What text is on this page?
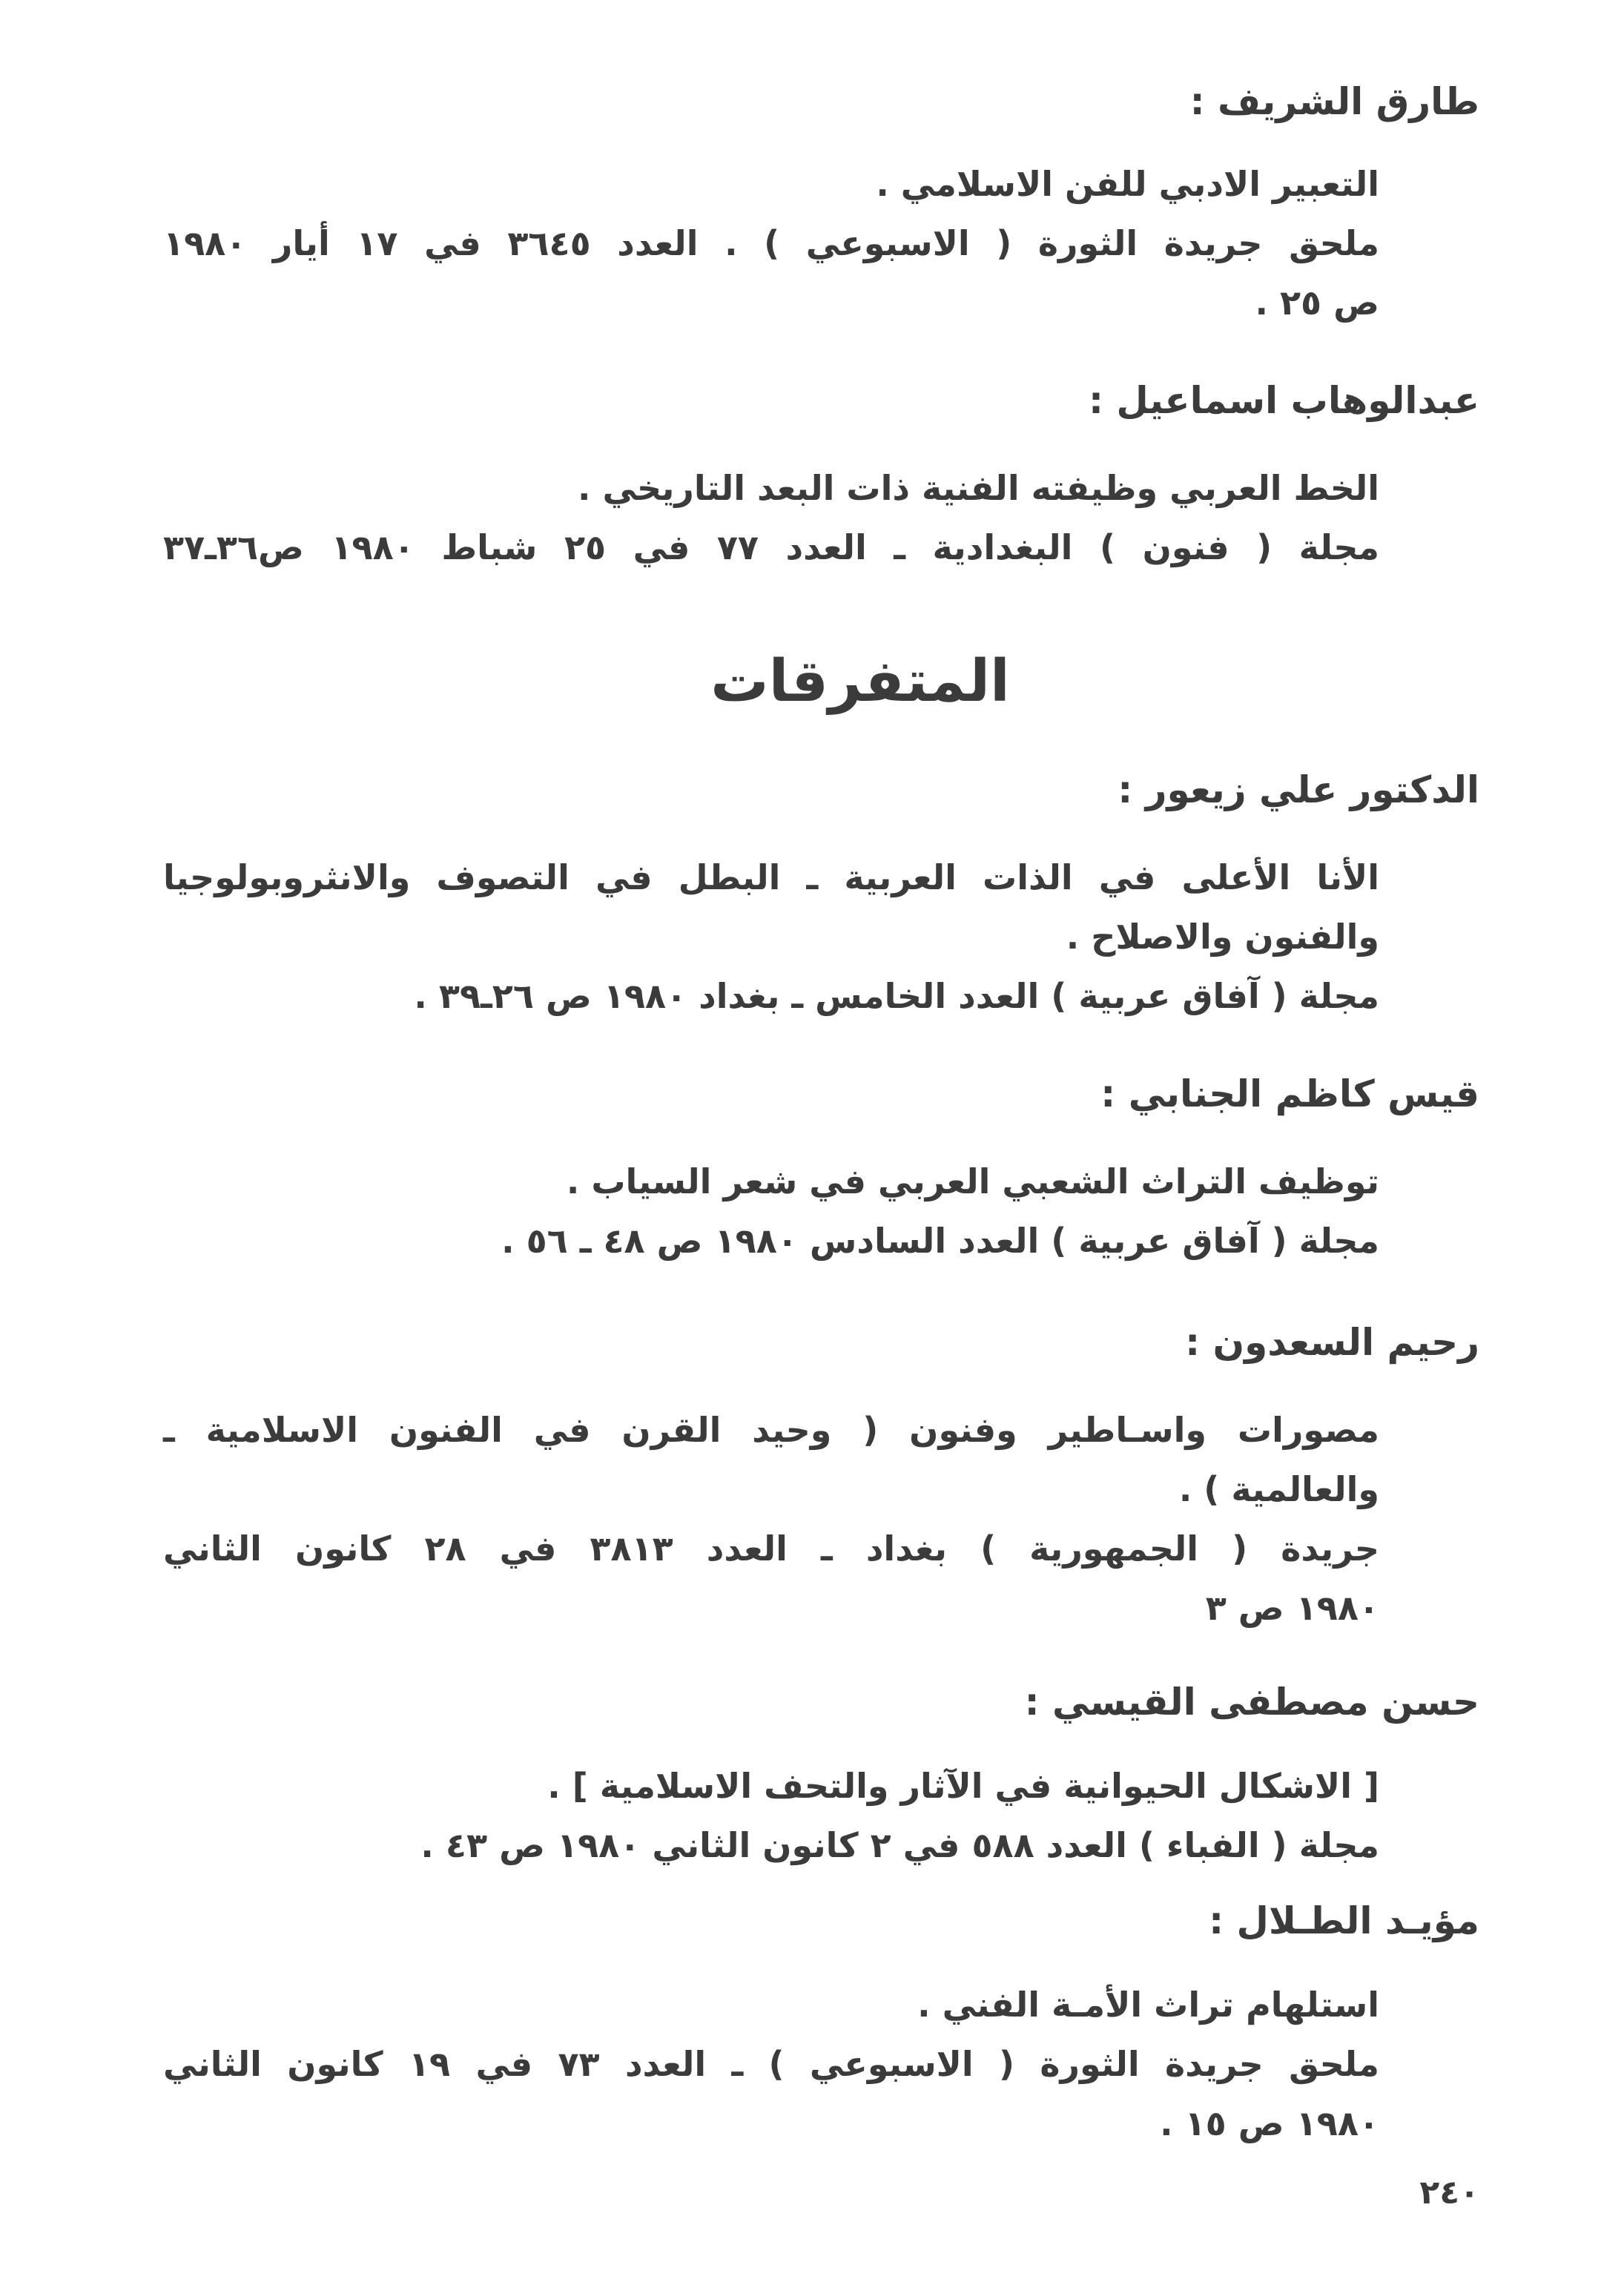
طارق الشريف :
التعبير الادبي للفن الاسلامي .
ملحق جريدة الثورة ( الاسبوعي ) . العدد ٣٦٤٥ في ١٧ أيار ١٩٨٠
ص ٢٥ .
عبدالوهاب اسماعيل :
الخط العربي وظيفته الفنية ذات البعد التاريخي .
مجلة ( فنون ) البغدادية ـ العدد ٧٧ في ٢٥ شباط ١٩٨٠ ص٣٦ـ٣٧
المتفرقات
الدكتور علي زيعور :
الأنا الأعلى في الذات العربية ـ البطل في التصوف والانثروبولوجيا
والفنون والاصلاح .
مجلة ( آفاق عربية ) العدد الخامس ـ بغداد ١٩٨٠ ص ٢٦ـ٣٩ .
قيس كاظم الجنابي :
توظيف التراث الشعبي العربي في شعر السياب .
مجلة ( آفاق عربية ) العدد السادس ١٩٨٠ ص ٤٨ ـ ٥٦ .
رحيم السعدون :
مصورات واسـاطير وفنون ( وحيد القرن في الفنون الاسلامية ـ
والعالمية ) .
جريدة ( الجمهورية ) بغداد ـ العدد ٣٨١٣ في ٢٨ كانون الثاني
١٩٨٠ ص ٣
حسن مصطفى القيسي :
[ الاشكال الحيوانية في الآثار والتحف الاسلامية ] .
مجلة ( الفباء ) العدد ٥٨٨ في ٢ كانون الثاني ١٩٨٠ ص ٤٣ .
مؤيـد الطـلال :
استلهام تراث الأمـة الفني .
ملحق جريدة الثورة ( الاسبوعي ) ـ العدد ٧٣ في ١٩ كانون الثاني
١٩٨٠ ص ١٥ .
٢٤٠
